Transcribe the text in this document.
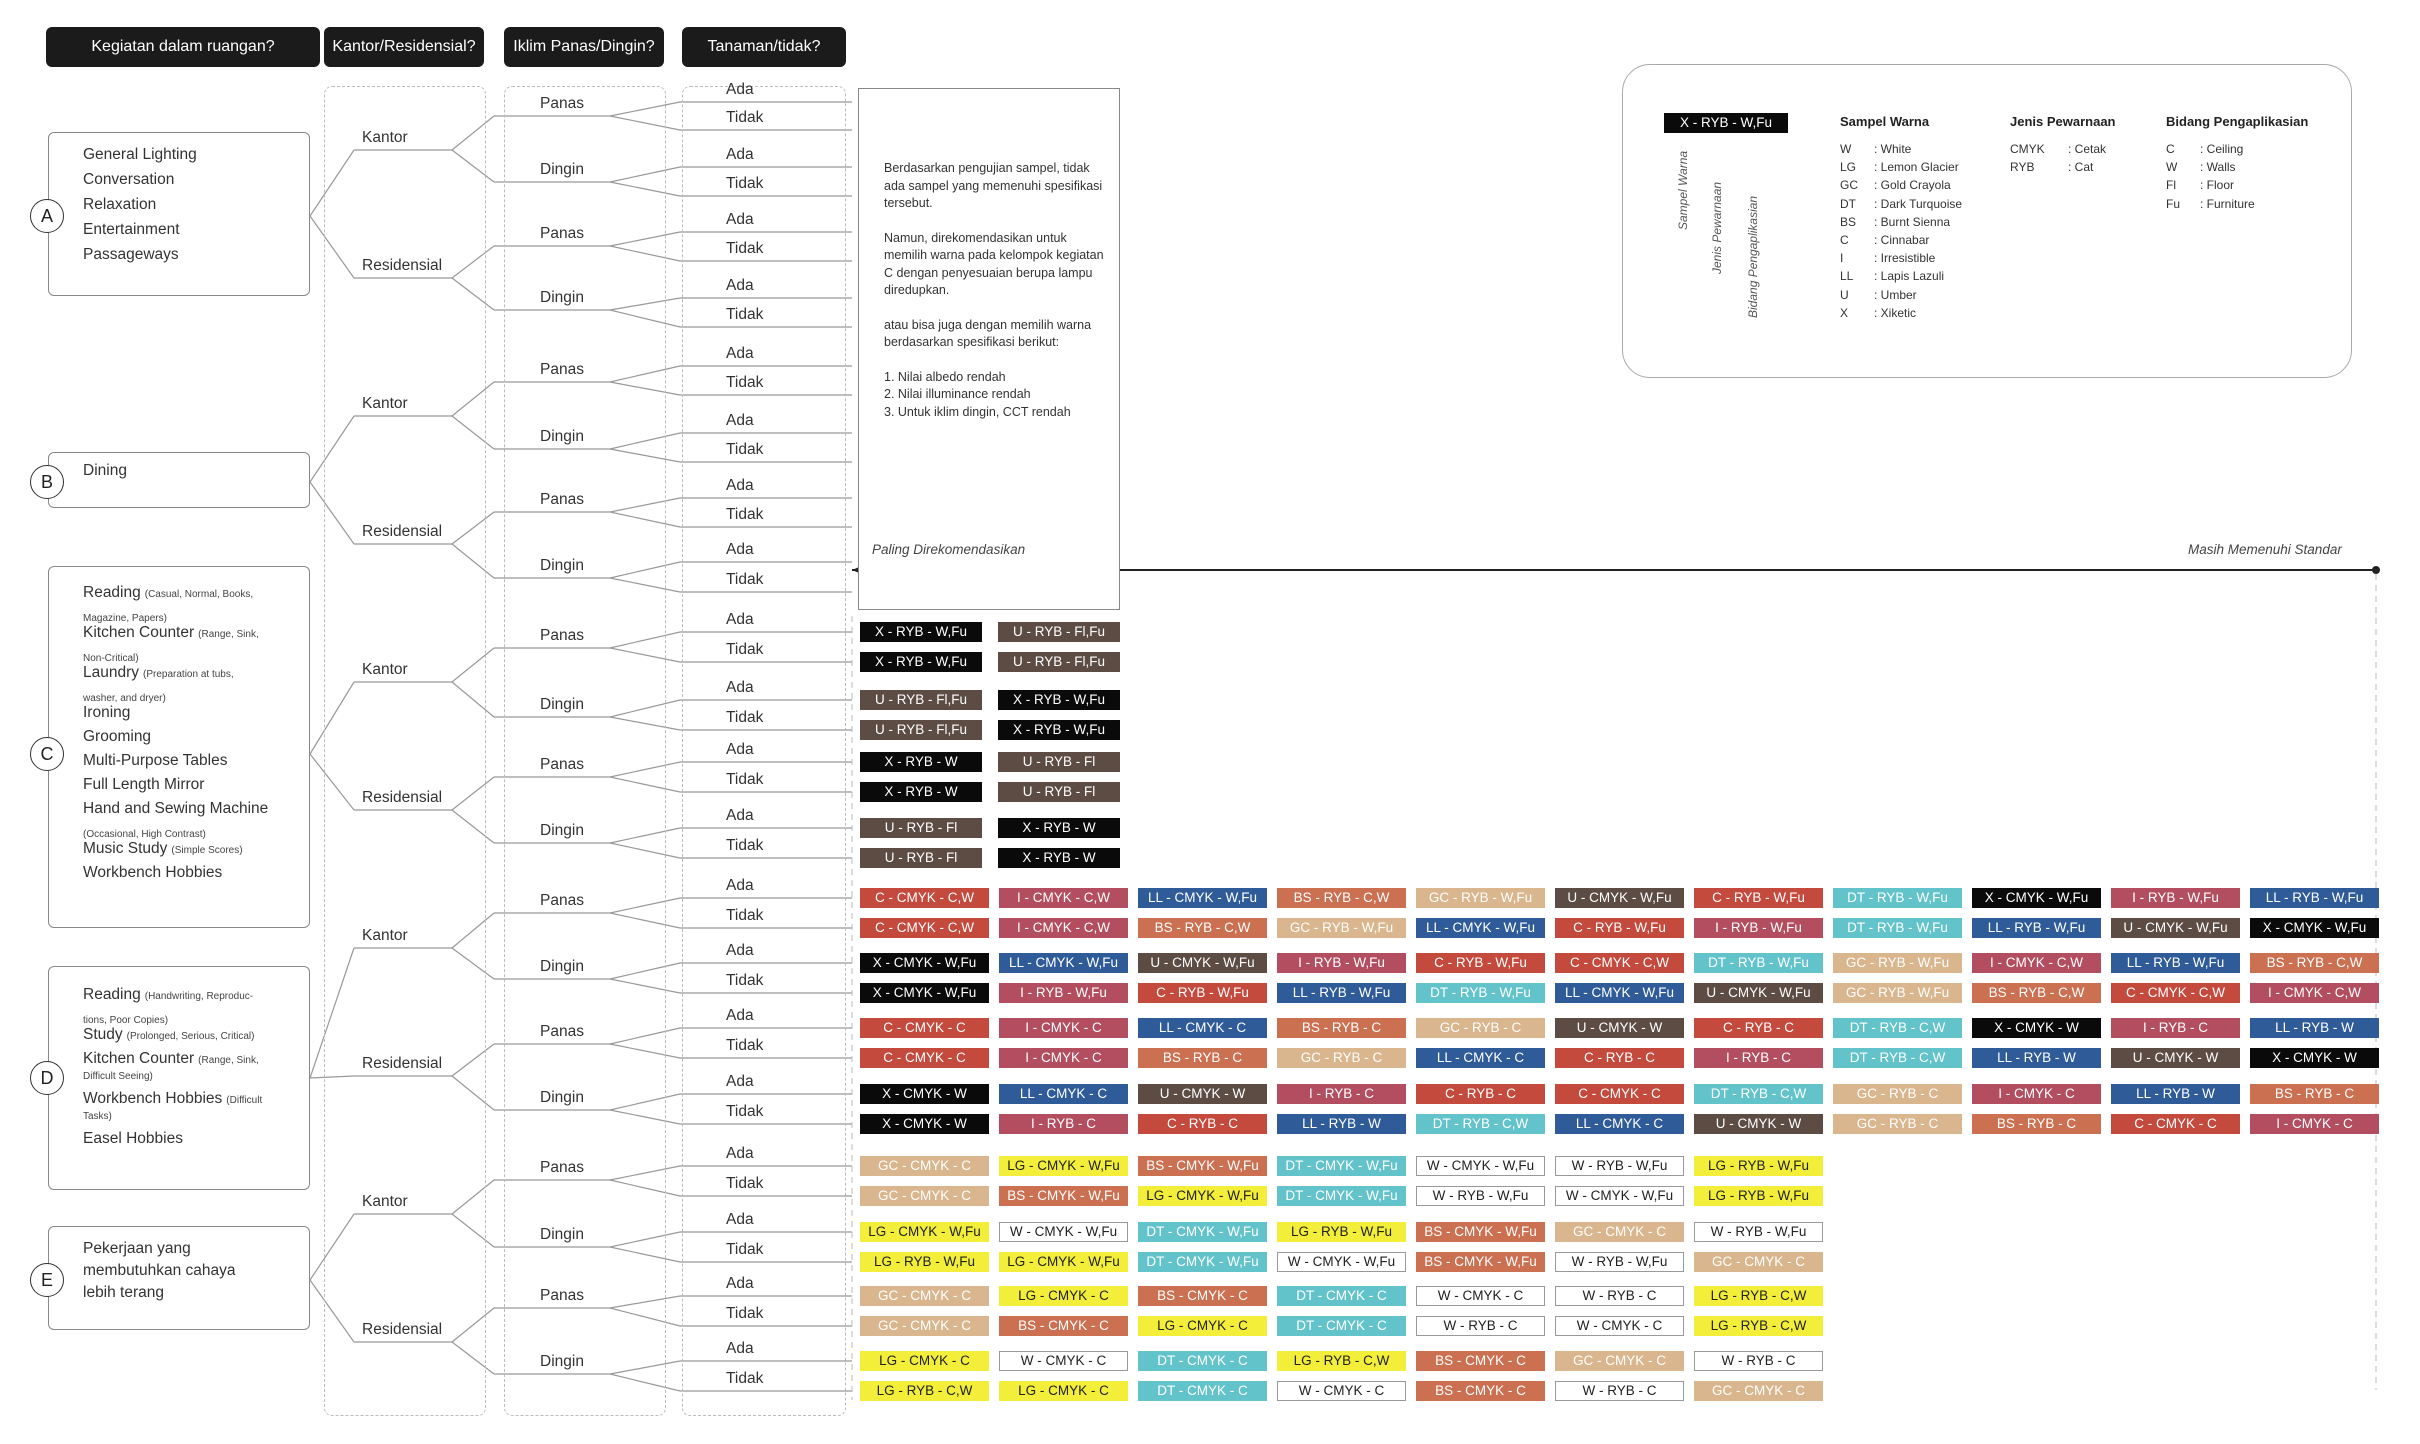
Kegiatan dalam ruangan?	Kantor/Residensial?	Iklim Panas/Dingin?	Tanaman/tidak?
General Lighting
Conversation
Relaxation
Entertainment
Passageways
A
Dining
B
Reading (Casual, Normal, Books,
Magazine, Papers)
Kitchen Counter (Range, Sink,
Non-Critical)
Laundry (Preparation at tubs,
washer, and dryer)
Ironing
Grooming
Multi-Purpose Tables
Full Length Mirror
Hand and Sewing Machine
(Occasional, High Contrast)
Music Study (Simple Scores)
Workbench Hobbies
C
Reading (Handwriting, Reproduc-
tions, Poor Copies)
Study (Prolonged, Serious, Critical)
Kitchen Counter (Range, Sink,
Difficult Seeing)
Workbench Hobbies (Difficult
Tasks)
Easel Hobbies
D
Pekerjaan yang
membutuhkan cahaya
lebih terang
E
Kantor
Panas
Ada
Tidak
Dingin
Ada
Tidak
Residensial
Panas
Ada
Tidak
Dingin
Ada
Tidak
Kantor
Panas
Ada
Tidak
Dingin
Ada
Tidak
Residensial
Panas
Ada
Tidak
Dingin
Ada
Tidak
Kantor
Panas
Ada
Tidak
Dingin
Ada
Tidak
Residensial
Panas
Ada
Tidak
Dingin
Ada
Tidak
Kantor
Panas
Ada
Tidak
Dingin
Ada
Tidak
Residensial
Panas
Ada
Tidak
Dingin
Ada
Tidak
Kantor
Panas
Ada
Tidak
Dingin
Ada
Tidak
Residensial
Panas
Ada
Tidak
Dingin
Ada
Tidak

Berdasarkan pengujian sampel, tidak ada sampel yang memenuhi spesifikasi tersebut.

Namun, direkomendasikan untuk memilih warna pada kelompok kegiatan C dengan penyesuaian berupa lampu diredupkan.

atau bisa juga dengan memilih warna berdasarkan spesifikasi berikut:

1. Nilai albedo rendah

2. Nilai illuminance rendah

3. Untuk iklim dingin, CCT rendah

Paling Direkomendasikan	Masih Memenuhi Standar
X - RYB - W,Fu	U - RYB - Fl,Fu
X - RYB - W,Fu	U - RYB - Fl,Fu
U - RYB - Fl,Fu	X - RYB - W,Fu
U - RYB - Fl,Fu	X - RYB - W,Fu
X - RYB - W	U - RYB - Fl
X - RYB - W	U - RYB - Fl
U - RYB - Fl	X - RYB - W
U - RYB - Fl	X - RYB - W
C - CMYK - C,W	I - CMYK - C,W	LL - CMYK - W,Fu	BS - RYB - C,W	GC - RYB - W,Fu	U - CMYK - W,Fu	C - RYB - W,Fu	DT - RYB - W,Fu	X - CMYK - W,Fu	I - RYB - W,Fu	LL - RYB - W,Fu
C - CMYK - C,W	I - CMYK - C,W	BS - RYB - C,W	GC - RYB - W,Fu	LL - CMYK - W,Fu	C - RYB - W,Fu	I - RYB - W,Fu	DT - RYB - W,Fu	LL - RYB - W,Fu	U - CMYK - W,Fu	X - CMYK - W,Fu
X - CMYK - W,Fu	LL - CMYK - W,Fu	U - CMYK - W,Fu	I - RYB - W,Fu	C - RYB - W,Fu	C - CMYK - C,W	DT - RYB - W,Fu	GC - RYB - W,Fu	I - CMYK - C,W	LL - RYB - W,Fu	BS - RYB - C,W
X - CMYK - W,Fu	I - RYB - W,Fu	C - RYB - W,Fu	LL - RYB - W,Fu	DT - RYB - W,Fu	LL - CMYK - W,Fu	U - CMYK - W,Fu	GC - RYB - W,Fu	BS - RYB - C,W	C - CMYK - C,W	I - CMYK - C,W
C - CMYK - C	I - CMYK - C	LL - CMYK - C	BS - RYB - C	GC - RYB - C	U - CMYK - W	C - RYB - C	DT - RYB - C,W	X - CMYK - W	I - RYB - C	LL - RYB - W
C - CMYK - C	I - CMYK - C	BS - RYB - C	GC - RYB - C	LL - CMYK - C	C - RYB - C	I - RYB - C	DT - RYB - C,W	LL - RYB - W	U - CMYK - W	X - CMYK - W
X - CMYK - W	LL - CMYK - C	U - CMYK - W	I - RYB - C	C - RYB - C	C - CMYK - C	DT - RYB - C,W	GC - RYB - C	I - CMYK - C	LL - RYB - W	BS - RYB - C
X - CMYK - W	I - RYB - C	C - RYB - C	LL - RYB - W	DT - RYB - C,W	LL - CMYK - C	U - CMYK - W	GC - RYB - C	BS - RYB - C	C - CMYK - C	I - CMYK - C
GC - CMYK - C	LG - CMYK - W,Fu	BS - CMYK - W,Fu	DT - CMYK - W,Fu	W - CMYK - W,Fu	W - RYB - W,Fu	LG - RYB - W,Fu
GC - CMYK - C	BS - CMYK - W,Fu	LG - CMYK - W,Fu	DT - CMYK - W,Fu	W - RYB - W,Fu	W - CMYK - W,Fu	LG - RYB - W,Fu
LG - CMYK - W,Fu	W - CMYK - W,Fu	DT - CMYK - W,Fu	LG - RYB - W,Fu	BS - CMYK - W,Fu	GC - CMYK - C	W - RYB - W,Fu
LG - RYB - W,Fu	LG - CMYK - W,Fu	DT - CMYK - W,Fu	W - CMYK - W,Fu	BS - CMYK - W,Fu	W - RYB - W,Fu	GC - CMYK - C
GC - CMYK - C	LG - CMYK - C	BS - CMYK - C	DT - CMYK - C	W - CMYK - C	W - RYB - C	LG - RYB - C,W
GC - CMYK - C	BS - CMYK - C	LG - CMYK - C	DT - CMYK - C	W - RYB - C	W - CMYK - C	LG - RYB - C,W
LG - CMYK - C	W - CMYK - C	DT - CMYK - C	LG - RYB - C,W	BS - CMYK - C	GC - CMYK - C	W - RYB - C
LG - RYB - C,W	LG - CMYK - C	DT - CMYK - C	W - CMYK - C	BS - CMYK - C	W - RYB - C	GC - CMYK - C
X - RYB - W,Fu
Sampel Warna Jenis Pewarnaan Bidang Pengaplikasian
Sampel Warna
W : White
LG : Lemon Glacier
GC : Gold Crayola
DT : Dark Turquoise
BS : Burnt Sienna
C : Cinnabar
I	: Irresistible
LL : Lapis Lazuli
U : Umber
X : Xiketic
Jenis Pewarnaan
CMYK : Cetak
RYB	: Cat
Bidang Pengaplikasian
C : Ceiling
W : Walls
Fl : Floor
Fu : Furniture
